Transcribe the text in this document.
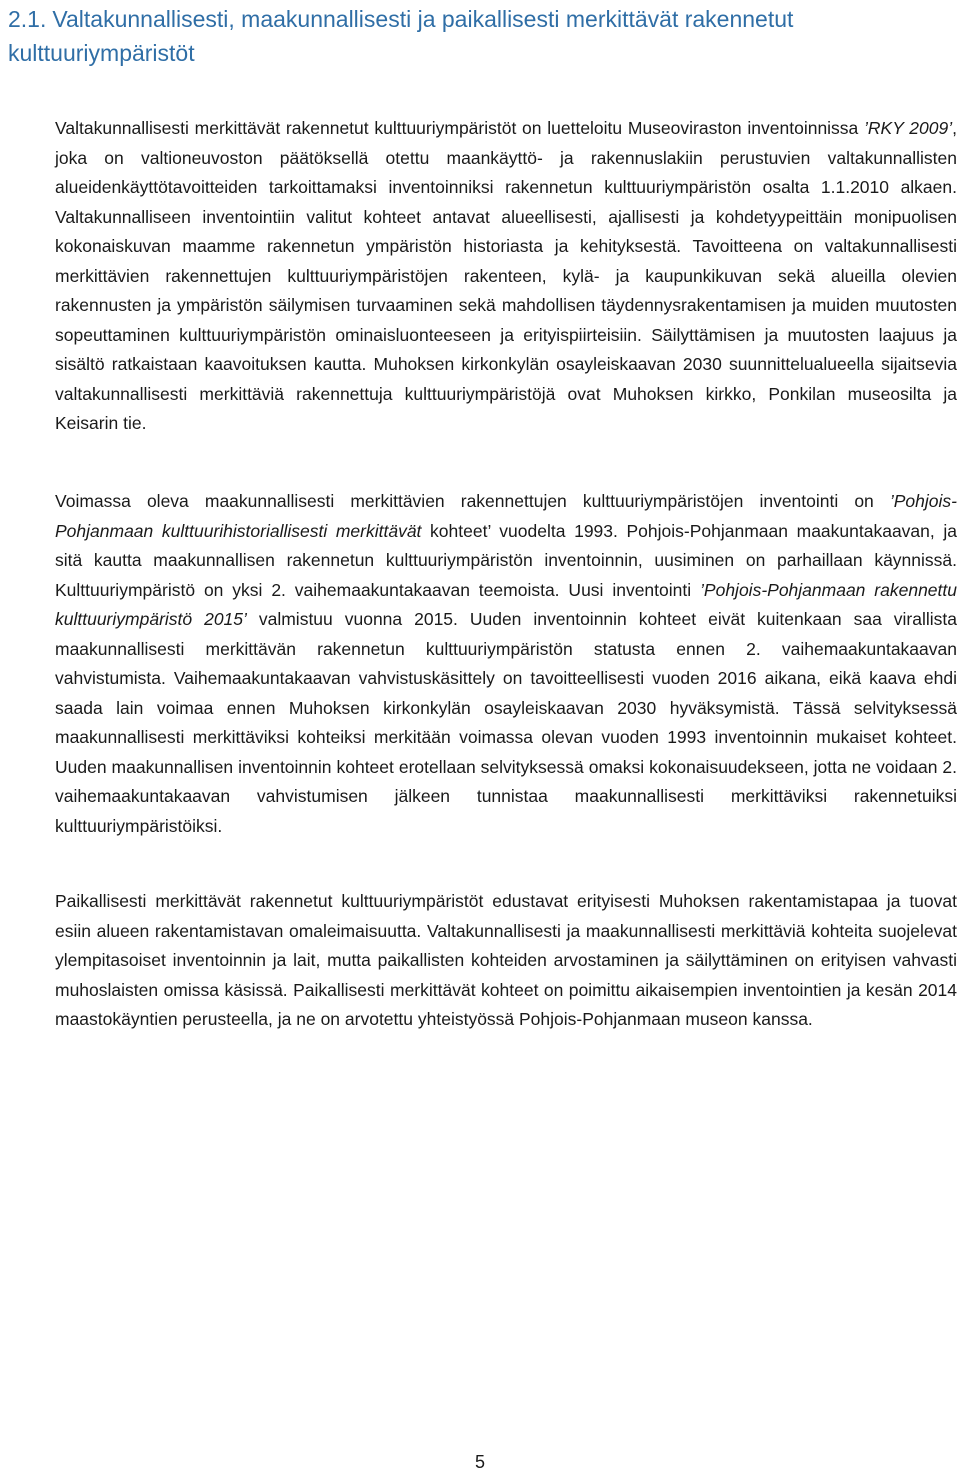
2.1. Valtakunnallisesti, maakunnallisesti ja paikallisesti merkittävät rakennetut kulttuuriympäristöt

Valtakunnallisesti merkittävät rakennetut kulttuuriympäristöt on luetteloitu Museoviraston inventoinnissa ’RKY 2009’, joka on valtioneuvoston päätöksellä otettu maankäyttö- ja rakennuslakiin perustuvien valtakunnallisten alueidenkäyttötavoitteiden tarkoittamaksi inventoinniksi rakennetun kulttuuriympäristön osalta 1.1.2010 alkaen. Valtakunnalliseen inventointiin valitut kohteet antavat alueellisesti, ajallisesti ja kohdetyypeittäin monipuolisen kokonaiskuvan maamme rakennetun ympäristön historiasta ja kehityksestä. Tavoitteena on valtakunnallisesti merkittävien rakennettujen kulttuuriympäristöjen rakenteen, kylä- ja kaupunkikuvan sekä alueilla olevien rakennusten ja ympäristön säilymisen turvaaminen sekä mahdollisen täydennysrakentamisen ja muiden muutosten sopeuttaminen kulttuuriympäristön ominaisluonteeseen ja erityispiirteisiin. Säilyttämisen ja muutosten laajuus ja sisältö ratkaistaan kaavoituksen kautta. Muhoksen kirkonkylän osayleiskaavan 2030 suunnittelualueella sijaitsevia valtakunnallisesti merkittäviä rakennettuja kulttuuriympäristöjä ovat Muhoksen kirkko, Ponkilan museosilta ja Keisarin tie.

Voimassa oleva maakunnallisesti merkittävien rakennettujen kulttuuriympäristöjen inventointi on ’Pohjois-Pohjanmaan kulttuurihistoriallisesti merkittävät kohteet’ vuodelta 1993. Pohjois-Pohjanmaan maakuntakaavan, ja sitä kautta maakunnallisen rakennetun kulttuuriympäristön inventoinnin, uusiminen on parhaillaan käynnissä. Kulttuuriympäristö on yksi 2. vaihemaakuntakaavan teemoista. Uusi inventointi ’Pohjois-Pohjanmaan rakennettu kulttuuriympäristö 2015’ valmistuu vuonna 2015. Uuden inventoinnin kohteet eivät kuitenkaan saa virallista maakunnallisesti merkittävän rakennetun kulttuuriympäristön statusta ennen 2. vaihemaakuntakaavan vahvistumista. Vaihemaakuntakaavan vahvistuskäsittely on tavoitteellisesti vuoden 2016 aikana, eikä kaava ehdi saada lain voimaa ennen Muhoksen kirkonkylän osayleiskaavan 2030 hyväksymistä. Tässä selvityksessä maakunnallisesti merkittäviksi kohteiksi merkitään voimassa olevan vuoden 1993 inventoinnin mukaiset kohteet. Uuden maakunnallisen inventoinnin kohteet erotellaan selvityksessä omaksi kokonaisuudekseen, jotta ne voidaan 2. vaihemaakuntakaavan vahvistumisen jälkeen tunnistaa maakunnallisesti merkittäviksi rakennetuiksi kulttuuriympäristöiksi.

Paikallisesti merkittävät rakennetut kulttuuriympäristöt edustavat erityisesti Muhoksen rakentamistapaa ja tuovat esiin alueen rakentamistavan omaleimaisuutta. Valtakunnallisesti ja maakunnallisesti merkittäviä kohteita suojelevat ylempitasoiset inventoinnin ja lait, mutta paikallisten kohteiden arvostaminen ja säilyttäminen on erityisen vahvasti muhoslaisten omissa käsissä. Paikallisesti merkittävät kohteet on poimittu aikaisempien inventointien ja kesän 2014 maastokäyntien perusteella, ja ne on arvotettu yhteistyössä Pohjois-Pohjanmaan museon kanssa.

5
